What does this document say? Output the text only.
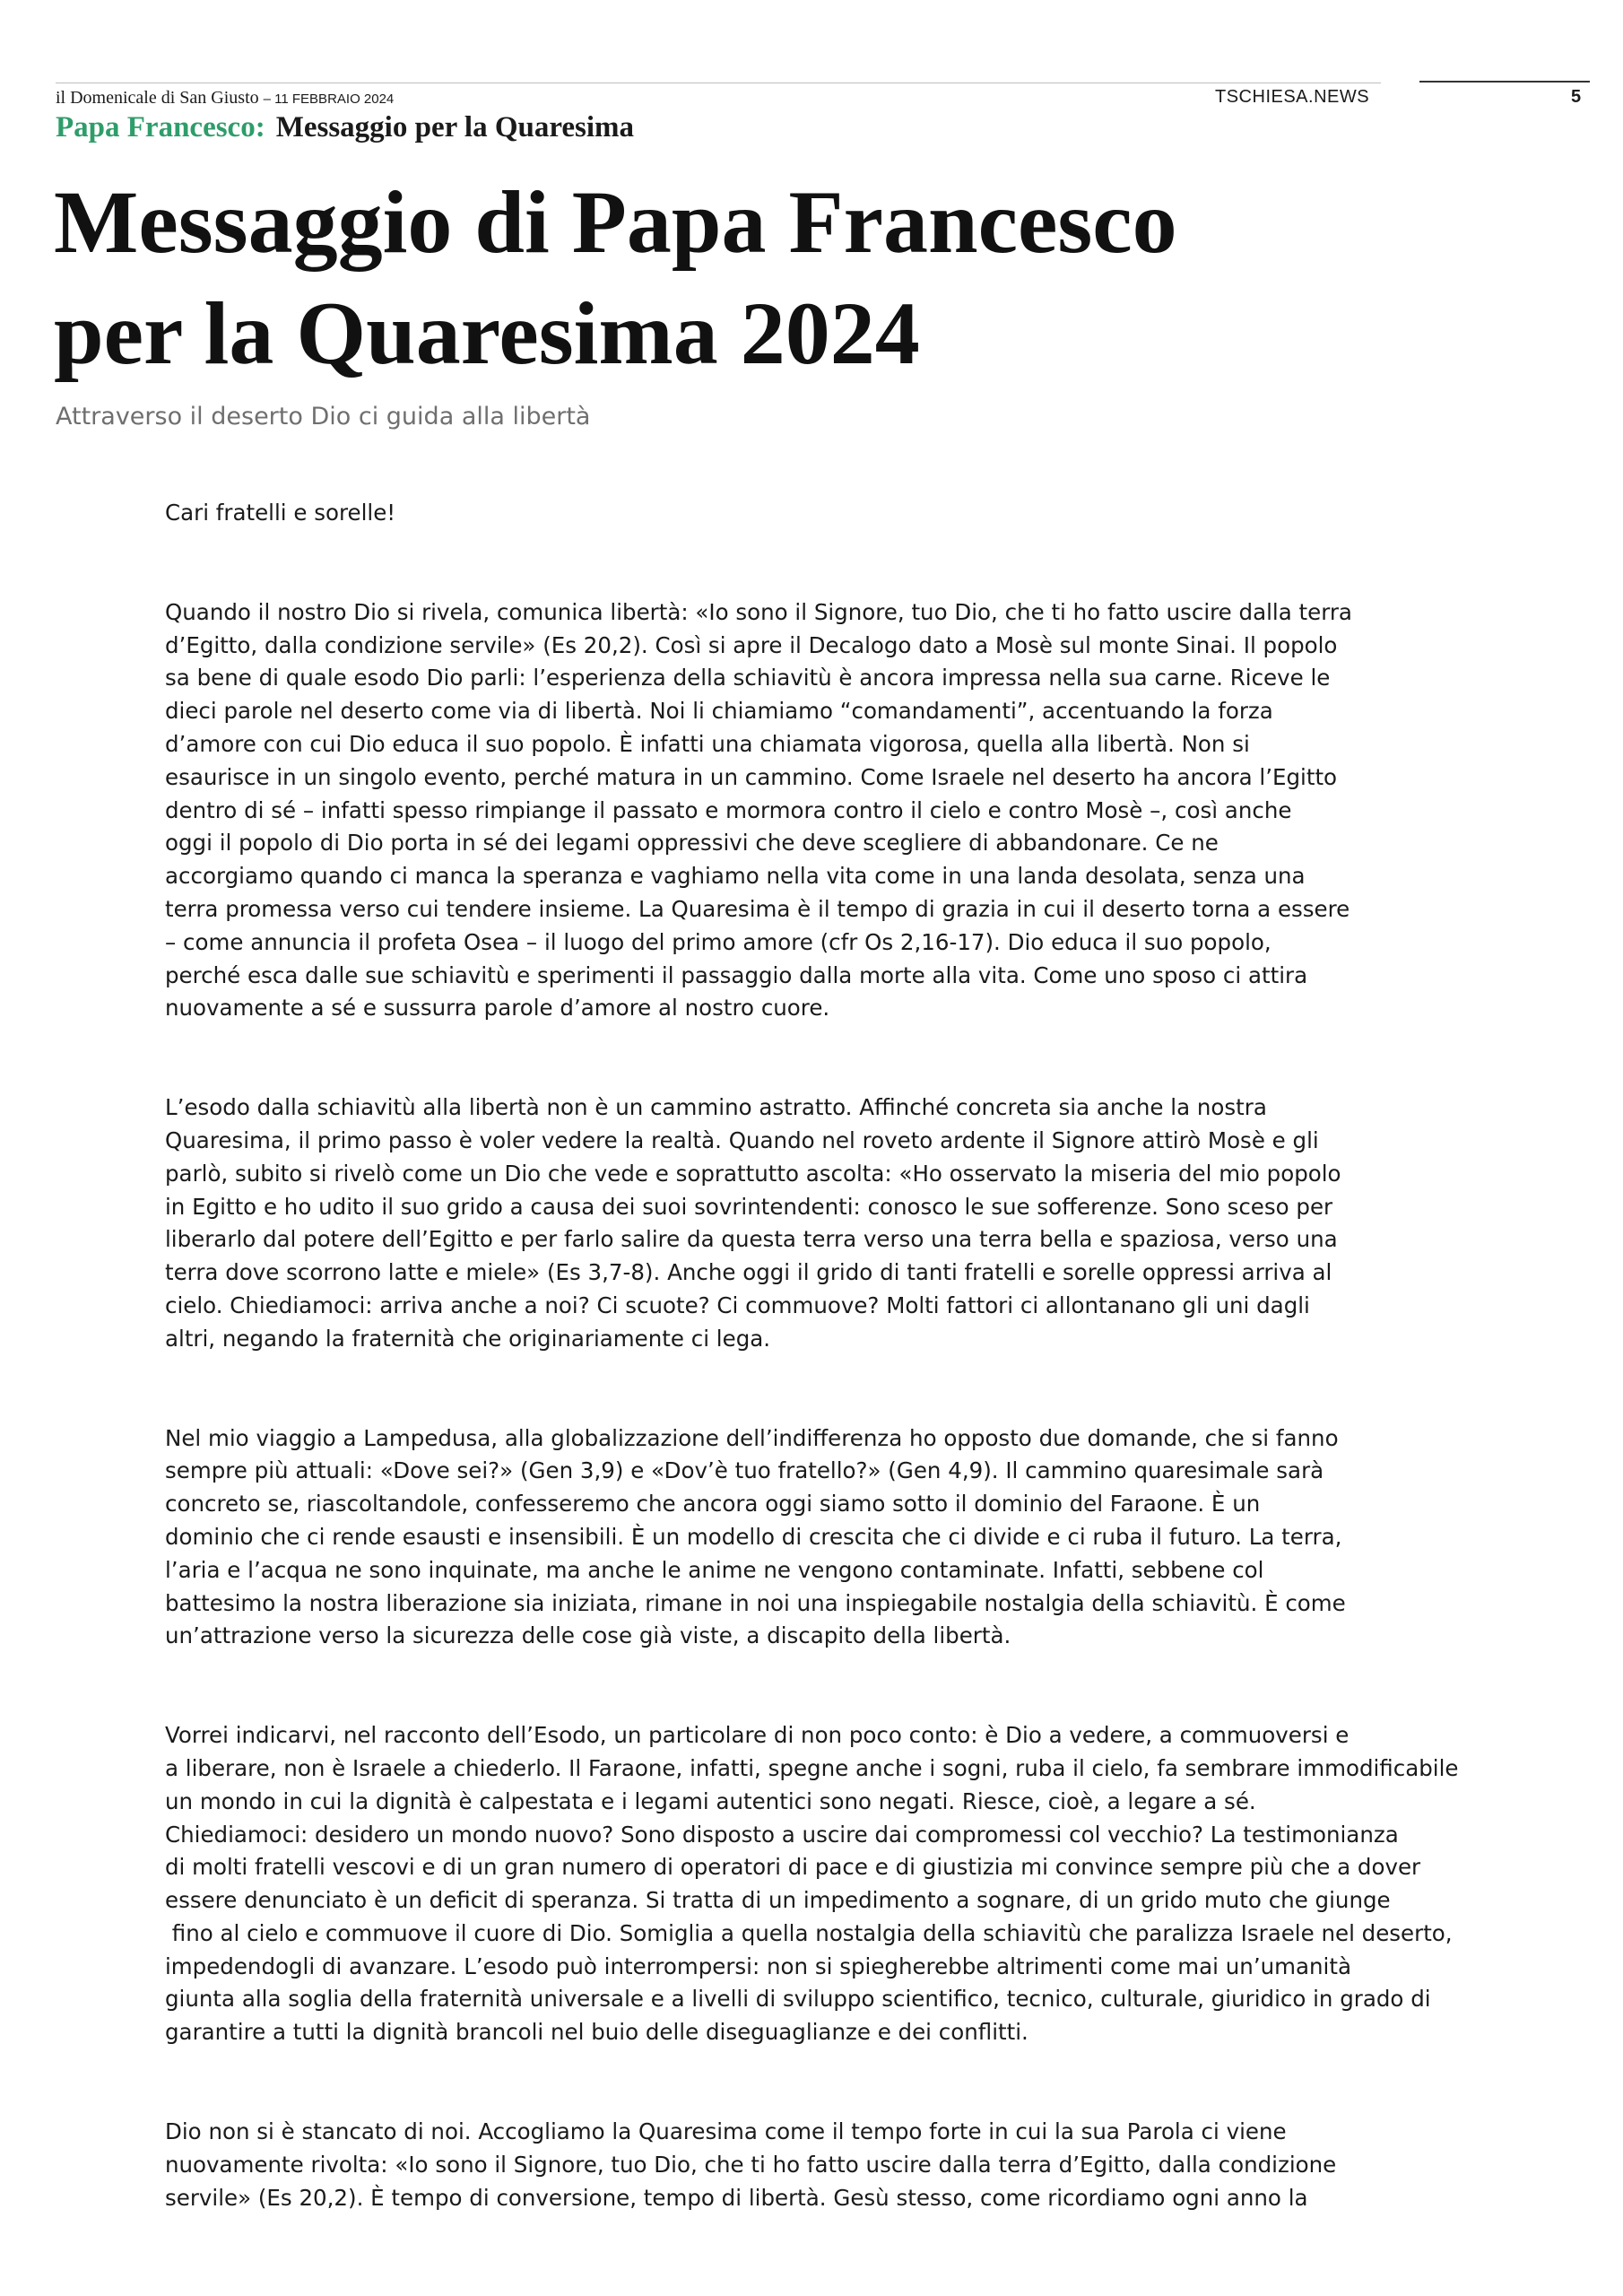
il Domenicale di San Giusto – 11 FEBBRAIO 2024	TSCHIESA.NEWS	5
Papa Francesco: Messaggio per la Quaresima
Messaggio di Papa Francesco
per la Quaresima 2024
Attraverso il deserto Dio ci guida alla libertà

Cari fratelli e sorelle!

Quando il nostro Dio si rivela, comunica libertà: «Io sono il Signore, tuo Dio, che ti ho fatto uscire dalla terra
d’Egitto, dalla condizione servile» (Es 20,2). Così si apre il Decalogo dato a Mosè sul monte Sinai. Il popolo
sa bene di quale esodo Dio parli: l’esperienza della schiavitù è ancora impressa nella sua carne. Riceve le
dieci parole nel deserto come via di libertà. Noi li chiamiamo “comandamenti”, accentuando la forza
d’amore con cui Dio educa il suo popolo. È infatti una chiamata vigorosa, quella alla libertà. Non si
esaurisce in un singolo evento, perché matura in un cammino. Come Israele nel deserto ha ancora l’Egitto
dentro di sé – infatti spesso rimpiange il passato e mormora contro il cielo e contro Mosè –, così anche
oggi il popolo di Dio porta in sé dei legami oppressivi che deve scegliere di abbandonare. Ce ne
accorgiamo quando ci manca la speranza e vaghiamo nella vita come in una landa desolata, senza una
terra promessa verso cui tendere insieme. La Quaresima è il tempo di grazia in cui il deserto torna a essere
– come annuncia il profeta Osea – il luogo del primo amore (cfr Os 2,16-17). Dio educa il suo popolo,
perché esca dalle sue schiavitù e sperimenti il passaggio dalla morte alla vita. Come uno sposo ci attira
nuovamente a sé e sussurra parole d’amore al nostro cuore.

L’esodo dalla schiavitù alla libertà non è un cammino astratto. Affinché concreta sia anche la nostra
Quaresima, il primo passo è voler vedere la realtà. Quando nel roveto ardente il Signore attirò Mosè e gli
parlò, subito si rivelò come un Dio che vede e soprattutto ascolta: «Ho osservato la miseria del mio popolo
in Egitto e ho udito il suo grido a causa dei suoi sovrintendenti: conosco le sue sofferenze. Sono sceso per
liberarlo dal potere dell’Egitto e per farlo salire da questa terra verso una terra bella e spaziosa, verso una
terra dove scorrono latte e miele» (Es 3,7-8). Anche oggi il grido di tanti fratelli e sorelle oppressi arriva al
cielo. Chiediamoci: arriva anche a noi? Ci scuote? Ci commuove? Molti fattori ci allontanano gli uni dagli
altri, negando la fraternità che originariamente ci lega.

Nel mio viaggio a Lampedusa, alla globalizzazione dell’indifferenza ho opposto due domande, che si fanno
sempre più attuali: «Dove sei?» (Gen 3,9) e «Dov’è tuo fratello?» (Gen 4,9). Il cammino quaresimale sarà
concreto se, riascoltandole, confesseremo che ancora oggi siamo sotto il dominio del Faraone. È un
dominio che ci rende esausti e insensibili. È un modello di crescita che ci divide e ci ruba il futuro. La terra,
l’aria e l’acqua ne sono inquinate, ma anche le anime ne vengono contaminate. Infatti, sebbene col
battesimo la nostra liberazione sia iniziata, rimane in noi una inspiegabile nostalgia della schiavitù. È come
un’attrazione verso la sicurezza delle cose già viste, a discapito della libertà.

Vorrei indicarvi, nel racconto dell’Esodo, un particolare di non poco conto: è Dio a vedere, a commuoversi e
a liberare, non è Israele a chiederlo. Il Faraone, infatti, spegne anche i sogni, ruba il cielo, fa sembrare immodificabile
un mondo in cui la dignità è calpestata e i legami autentici sono negati. Riesce, cioè, a legare a sé.
Chiediamoci: desidero un mondo nuovo? Sono disposto a uscire dai compromessi col vecchio? La testimonianza
di molti fratelli vescovi e di un gran numero di operatori di pace e di giustizia mi convince sempre più che a dover
essere denunciato è un deficit di speranza. Si tratta di un impedimento a sognare, di un grido muto che giunge
fino al cielo e commuove il cuore di Dio. Somiglia a quella nostalgia della schiavitù che paralizza Israele nel deserto,
impedendogli di avanzare. L’esodo può interrompersi: non si spiegherebbe altrimenti come mai un’umanità
giunta alla soglia della fraternità universale e a livelli di sviluppo scientifico, tecnico, culturale, giuridico in grado di
garantire a tutti la dignità brancoli nel buio delle diseguaglianze e dei conflitti.

Dio non si è stancato di noi. Accogliamo la Quaresima come il tempo forte in cui la sua Parola ci viene
nuovamente rivolta: «Io sono il Signore, tuo Dio, che ti ho fatto uscire dalla terra d’Egitto, dalla condizione
servile» (Es 20,2). È tempo di conversione, tempo di libertà. Gesù stesso, come ricordiamo ogni anno la
